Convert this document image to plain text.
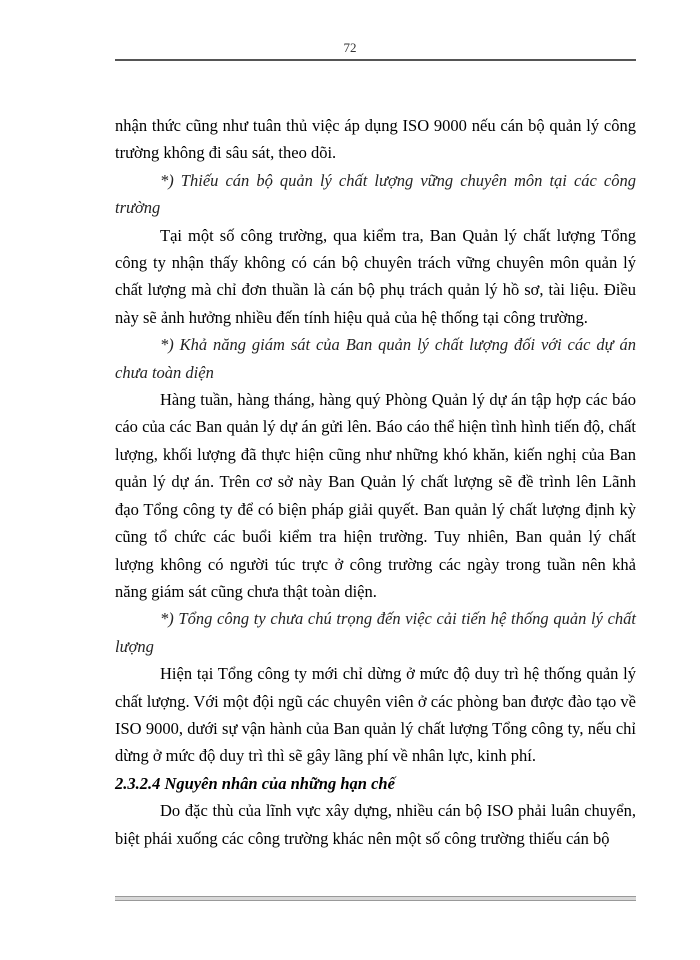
72

nhận thức cũng như tuân thủ việc áp dụng ISO 9000 nếu cán bộ quản lý công trường không đi sâu sát, theo dõi.

*) Thiếu cán bộ quản lý chất lượng vững chuyên môn tại các công trường

Tại một số công trường, qua kiểm tra, Ban Quản lý chất lượng Tổng công ty nhận thấy không có cán bộ chuyên trách vững chuyên môn quản lý chất lượng mà chỉ đơn thuần là cán bộ phụ trách quản lý hồ sơ, tài liệu. Điều này sẽ ảnh hưởng nhiều đến tính hiệu quả của hệ thống tại công trường.

*) Khả năng giám sát của Ban quản lý chất lượng đối với các dự án chưa toàn diện

Hàng tuần, hàng tháng, hàng quý Phòng Quản lý dự án tập hợp các báo cáo của các Ban quản lý dự án gửi lên. Báo cáo thể hiện tình hình tiến độ, chất lượng, khối lượng đã thực hiện cũng như những khó khăn, kiến nghị của Ban quản lý dự án. Trên cơ sở này Ban Quản lý chất lượng sẽ đề trình lên Lãnh đạo Tổng công ty để có biện pháp giải quyết. Ban quản lý chất lượng định kỳ cũng tổ chức các buổi kiểm tra hiện trường. Tuy nhiên, Ban quản lý chất lượng không có người túc trực ở công trường các ngày trong tuần nên khả năng giám sát cũng chưa thật toàn diện.

*) Tổng công ty chưa chú trọng đến việc cải tiến hệ thống quản lý chất lượng

Hiện tại Tổng công ty mới chỉ dừng ở mức độ duy trì hệ thống quản lý chất lượng. Với một đội ngũ các chuyên viên ở các phòng ban được đào tạo về ISO 9000, dưới sự vận hành của Ban quản lý chất lượng Tổng công ty, nếu chỉ dừng ở mức độ duy trì thì sẽ gây lãng phí về nhân lực, kinh phí.

2.3.2.4 Nguyên nhân của những hạn chế

Do đặc thù của lĩnh vực xây dựng, nhiều cán bộ ISO phải luân chuyển, biệt phái xuống các công trường khác nên một số công trường thiếu cán bộ
